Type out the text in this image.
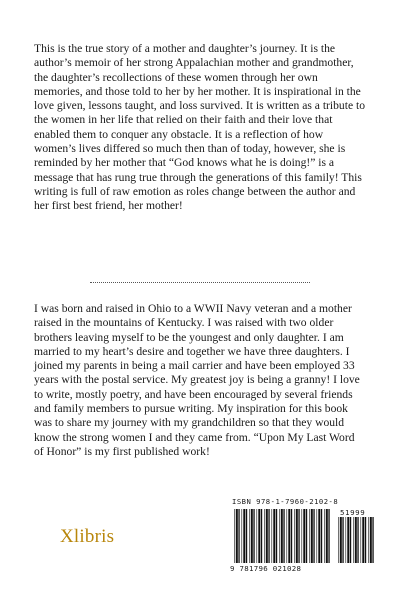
This is the true story of a mother and daughter’s journey. It is the author’s memoir of her strong Appalachian mother and grandmother, the daughter’s recollections of these women through her own memories, and those told to her by her mother. It is inspirational in the love given, lessons taught, and loss survived. It is written as a tribute to the women in her life that relied on their faith and their love that enabled them to conquer any obstacle. It is a reflection of how women’s lives differed so much then than of today, however, she is reminded by her mother that “God knows what he is doing!” is a message that has rung true through the generations of this family! This writing is full of raw emotion as roles change between the author and her first best friend, her mother!

I was born and raised in Ohio to a WWII Navy veteran and a mother raised in the mountains of Kentucky. I was raised with two older brothers leaving myself to be the youngest and only daughter. I am married to my heart’s desire and together we have three daughters. I joined my parents in being a mail carrier and have been employed 33 years with the postal service. My greatest joy is being a granny! I love to write, mostly poetry, and have been encouraged by several friends and family members to pursue writing. My inspiration for this book was to share my journey with my grandchildren so that they would know the strong women I and they came from. “Upon My Last Word of Honor” is my first published work!

Xlibris
ISBN 978-1-7960-2102-8
51999
9 781796 021028
